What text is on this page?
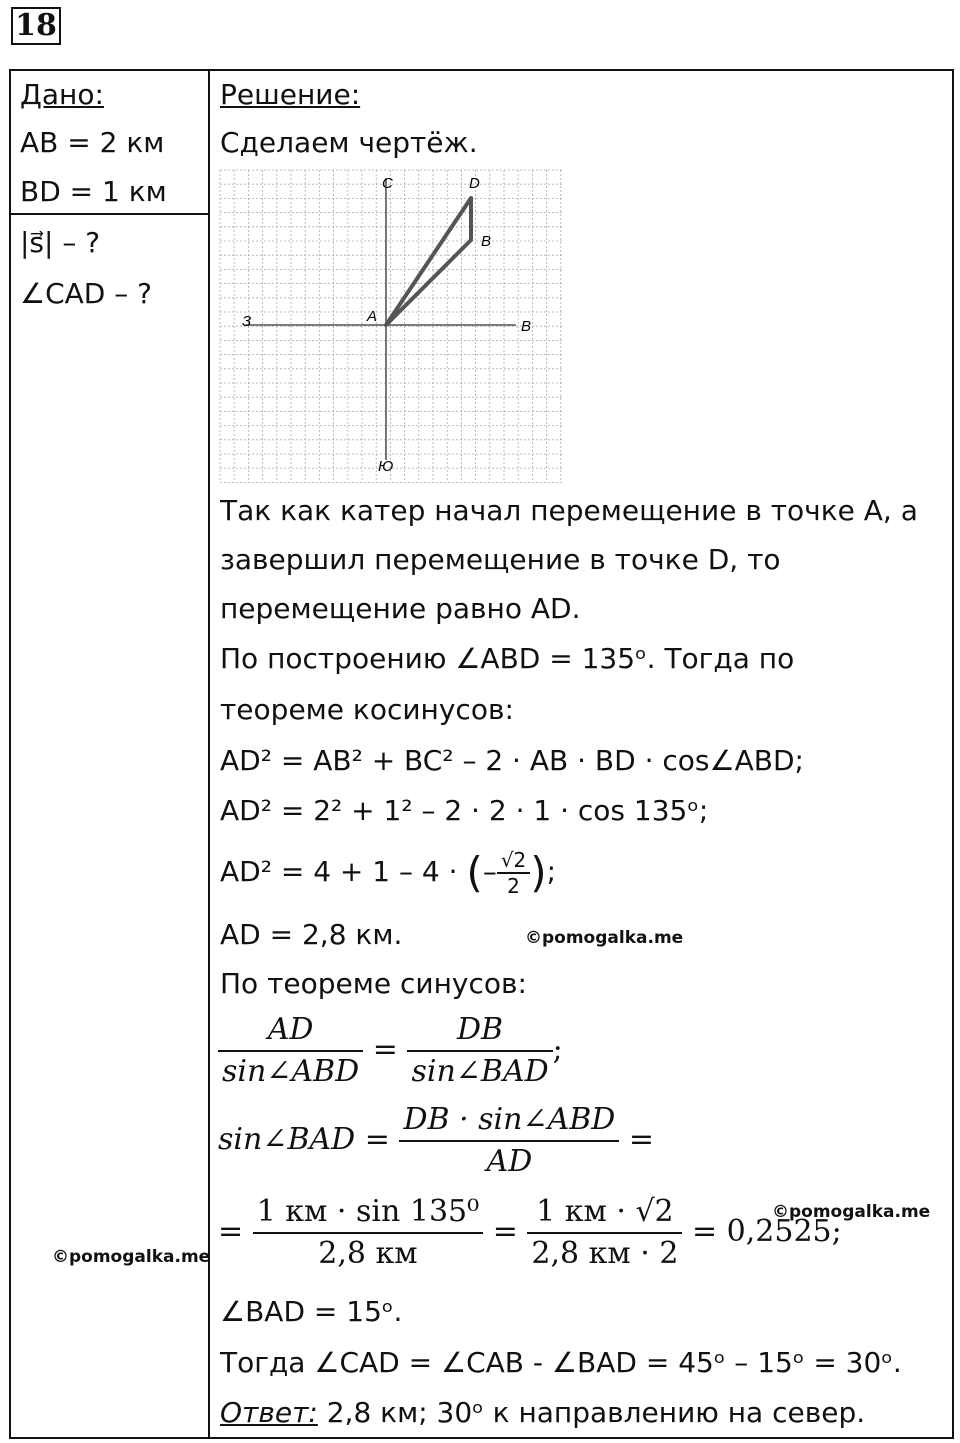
18
Дано:
AB = 2 км
BD = 1 км
|s⃗| – ?
∠CAD – ?
Решение:
Сделаем чертёж.
С
Ю
З	В
A
B
D
Так как катер начал перемещение в точке А, а
завершил перемещение в точке D, то
перемещение равно AD.
По построению ∠ABD = 135ᵒ. Тогда по
теореме косинусов:
AD² = AB² + BC² – 2 · AB · BD · cos∠ABD;
AD² = 2² + 1² – 2 · 2 · 1 · cos 135ᵒ;
AD² = 4 + 1 – 4 · (– $\frac{√2}{2}$ );
AD = 2,8 км.	©pomogalka.me
По теореме синусов:
$\frac{AD}{\text{sin∠ABD}} = \frac{DB}{\text{sin∠BAD}}$ ;
sin∠BAD = $\frac{\text{DB · sin∠ABD}}{AD}$ =
= $\frac{\text{1 км · sin 135⁰}}{2,8 км} = \frac{1 км \cdot √2}{2,8 км \cdot 2} = 0,2525$;
©pomogalka.me
©pomogalka.me
∠BAD = 15ᵒ.
Тогда ∠CAD = ∠CAB - ∠BAD = 45ᵒ – 15ᵒ = 30ᵒ.
Ответ: 2,8 км; 30ᵒ к направлению на север.
